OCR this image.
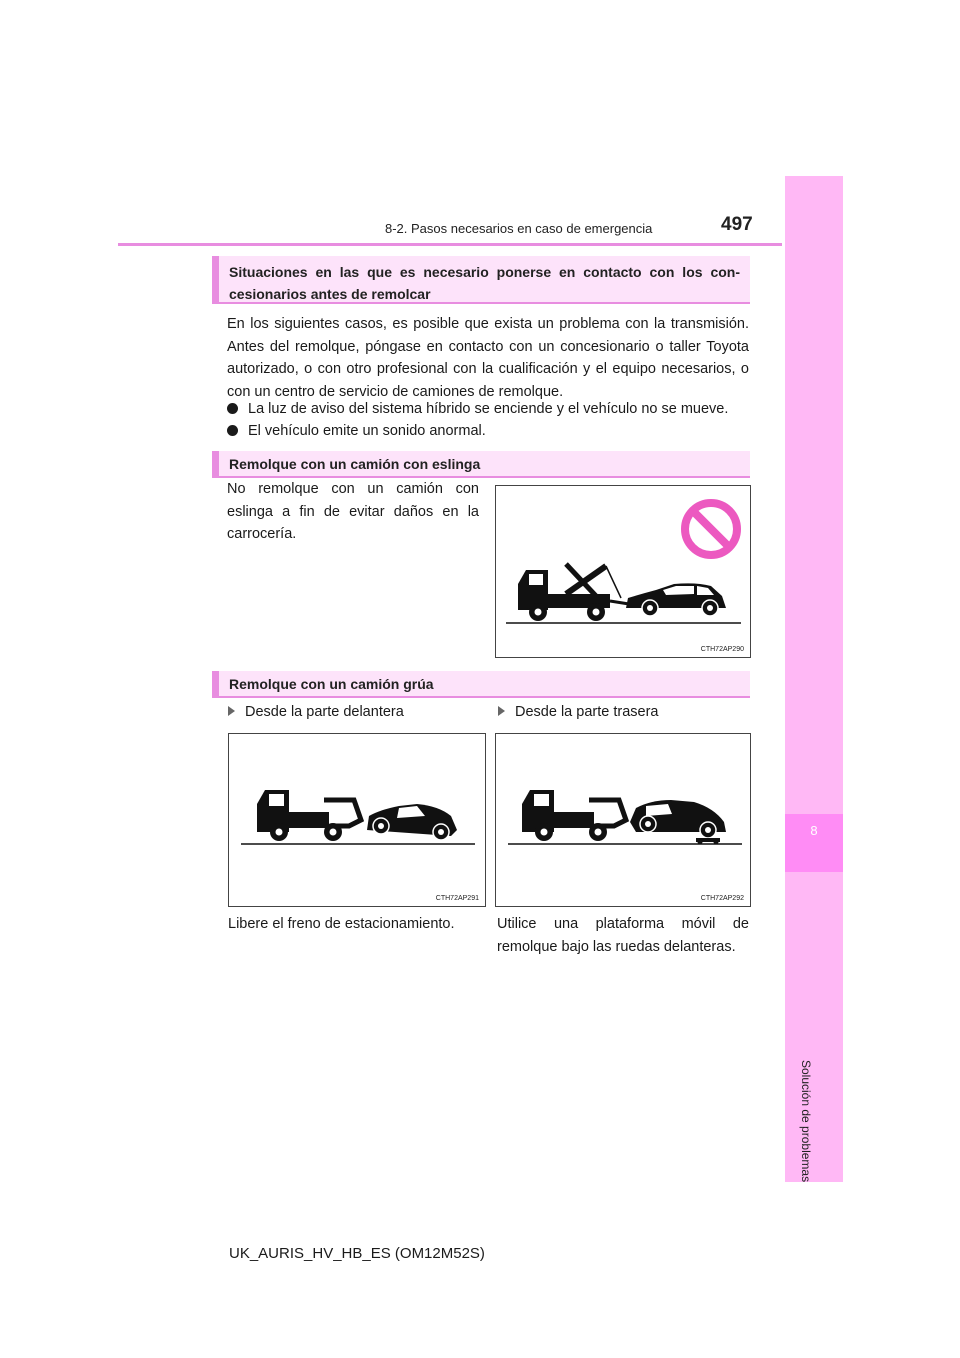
8-2. Pasos necesarios en caso de emergencia	497
8
Solución de problemas
Situaciones en las que es necesario ponerse en contacto con los con-
cesionarios antes de remolcar
En los siguientes casos, es posible que exista un problema con la transmisión. Antes del remolque, póngase en contacto con un concesionario o taller Toyota autorizado, o con otro profesional con la cualificación y el equipo necesarios, o con un centro de servicio de camiones de remolque.
La luz de aviso del sistema híbrido se enciende y el vehículo no se mueve.
El vehículo emite un sonido anormal.
Remolque con un camión con eslinga
No remolque con un camión con eslinga a fin de evitar daños en la carrocería.
CTH72AP290
Remolque con un camión grúa
Desde la parte delantera	Desde la parte trasera
CTH72AP291	CTH72AP292
Libere el freno de estacionamiento.	Utilice una plataforma móvil de remolque bajo las ruedas delanteras.
UK_AURIS_HV_HB_ES (OM12M52S)
